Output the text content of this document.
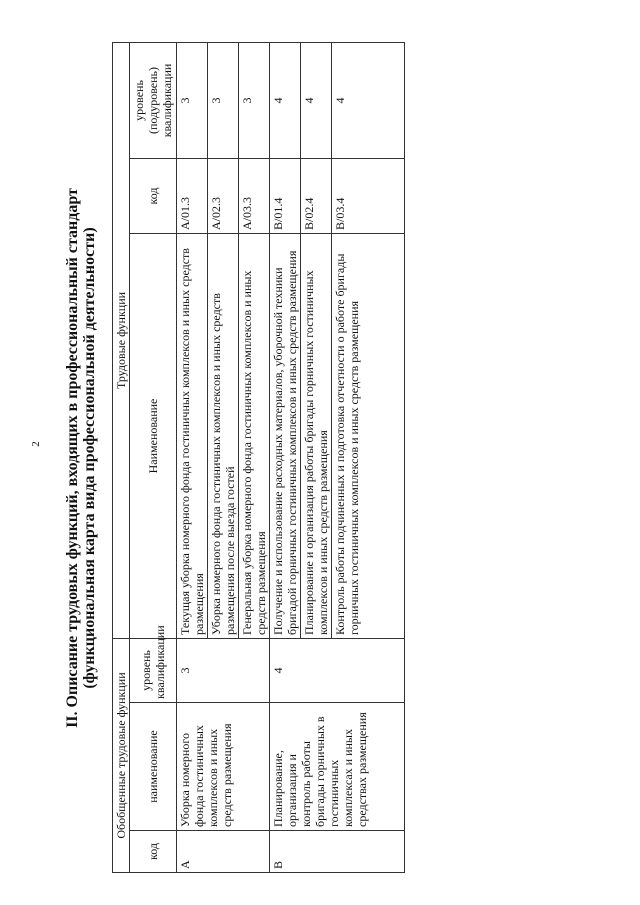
2 II. Описание трудовых функций, входящих в профессиональный стандарт (функциональная карта вида профессиональной деятельности)
Обобщенные трудовые функции			Трудовые функции		
код	наименование	уровень квалификации	Наименование	код	уровень (подуровень) квалификации
A	Уборка номерного фонда гостиничных комплексов и иных средств размещения	3	Текущая уборка номерного фонда гостиничных комплексов и иных средств размещения	A/01.3	3
			Уборка номерного фонда гостиничных комплексов и иных средств размещения после выезда гостей	A/02.3	3
			Генеральная уборка номерного фонда гостиничных комплексов и иных средств размещения	A/03.3	3
B	Планирование, организация и контроль работы бригады горничных в гостиничных комплексах и иных средствах размещения	4	Получение и использование расходных материалов, уборочной техники бригадой горничных гостиничных комплексов и иных средств размещения	B/01.4	4
			Планирование и организация работы бригады горничных гостиничных комплексов и иных средств размещения	B/02.4	4
			Контроль работы подчиненных и подготовка отчетности о работе бригады горничных гостиничных комплексов и иных средств размещения	B/03.4	4
